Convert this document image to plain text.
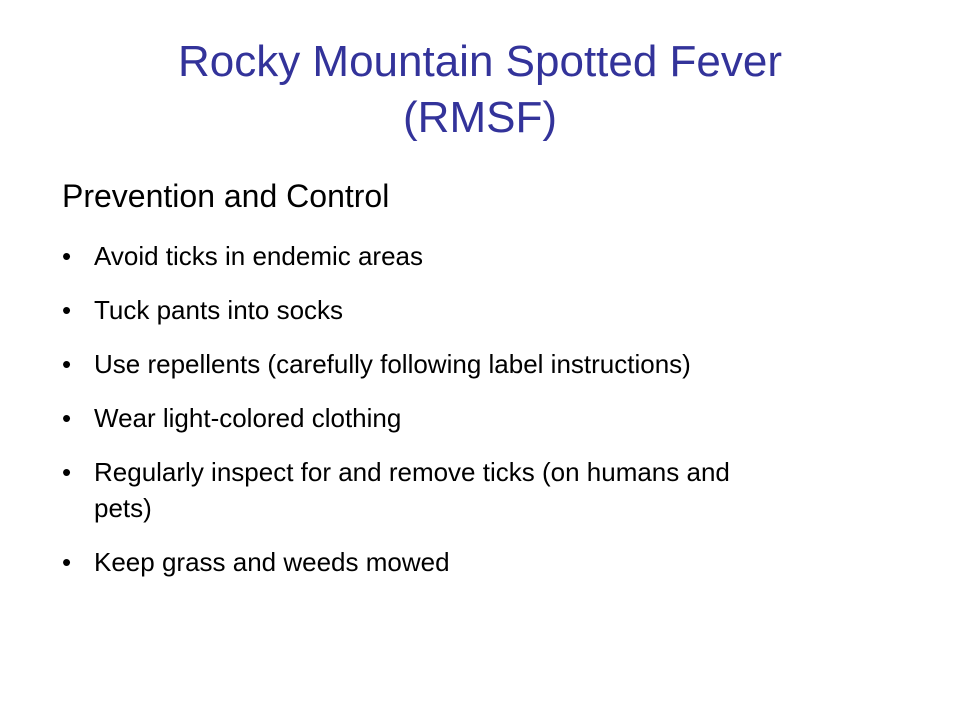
Rocky Mountain Spotted Fever
(RMSF)
Prevention and Control
• Avoid ticks in endemic areas
• Tuck pants into socks
• Use repellents (carefully following label instructions)
• Wear light-colored clothing
• Regularly inspect for and remove ticks (on humans and pets)
• Keep grass and weeds mowed
